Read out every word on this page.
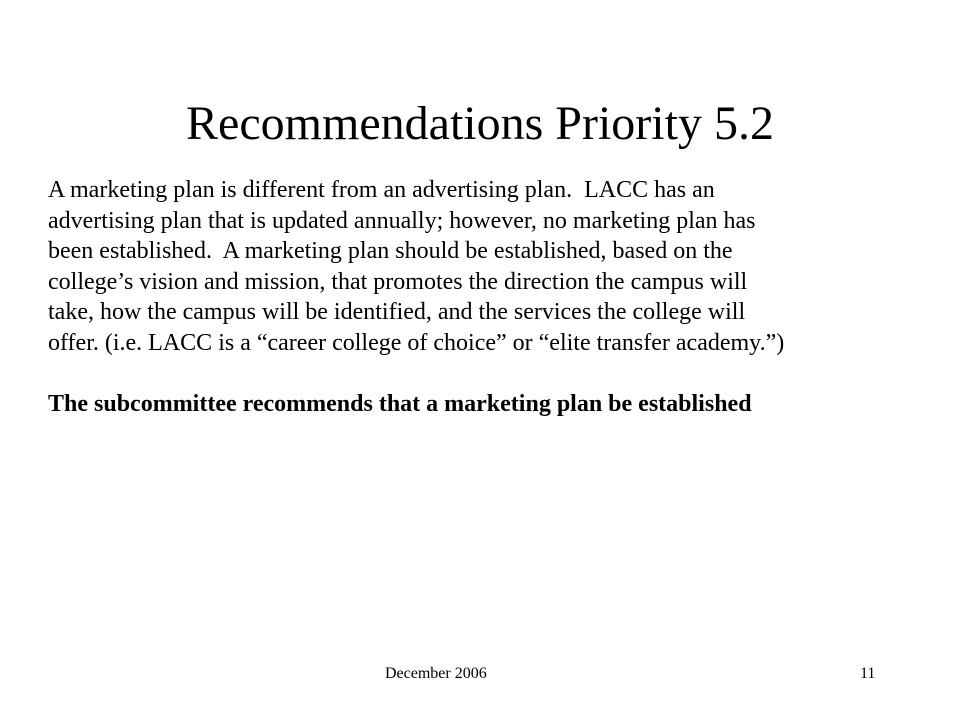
Recommendations Priority 5.2
A marketing plan is different from an advertising plan.  LACC has an
advertising plan that is updated annually; however, no marketing plan has
been established.  A marketing plan should be established, based on the
college’s vision and mission, that promotes the direction the campus will
take, how the campus will be identified, and the services the college will
offer. (i.e. LACC is a “career college of choice” or “elite transfer academy.”)
The subcommittee recommends that a marketing plan be established
December 2006	11
